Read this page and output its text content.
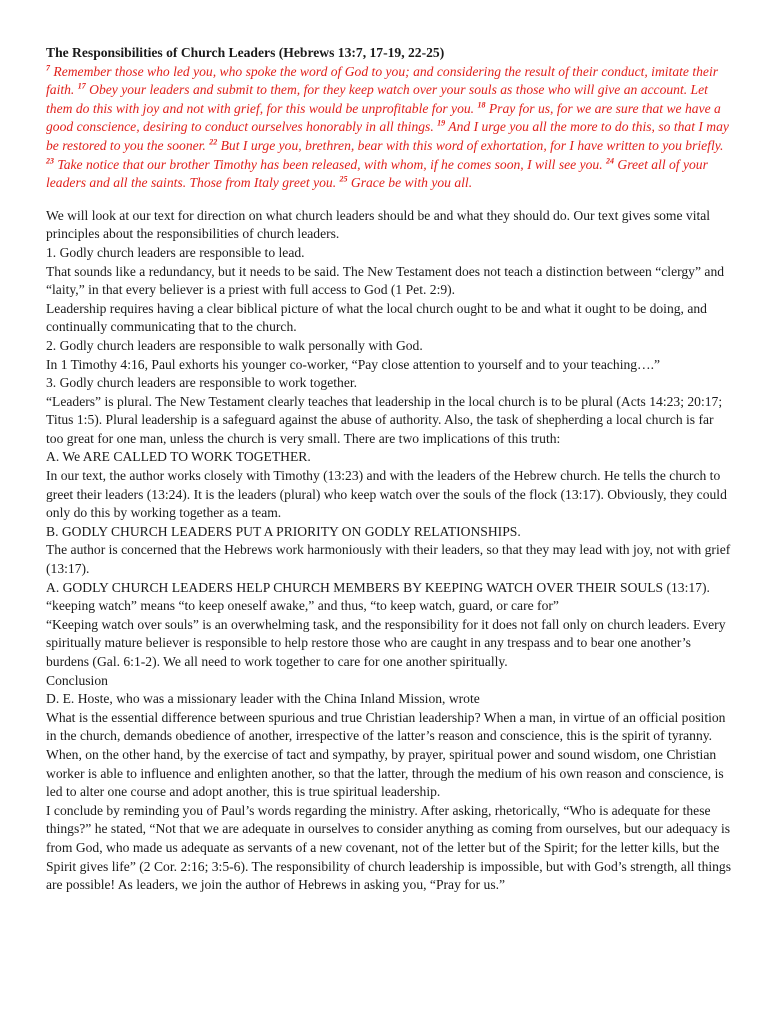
The Responsibilities of Church Leaders (Hebrews 13:7, 17-19, 22-25)

$^7$ Remember those who led you, who spoke the word of God to you; and considering the result of their conduct, imitate their faith. $^{17}$ Obey your leaders and submit to them, for they keep watch over your souls as those who will give an account. Let them do this with joy and not with grief, for this would be unprofitable for you. $^{18}$ Pray for us, for we are sure that we have a good conscience, desiring to conduct ourselves honorably in all things. $^{19}$ And I urge you all the more to do this, so that I may be restored to you the sooner. $^{22}$ But I urge you, brethren, bear with this word of exhortation, for I have written to you briefly. $^{23}$ Take notice that our brother Timothy has been released, with whom, if he comes soon, I will see you. $^{24}$ Greet all of your leaders and all the saints. Those from Italy greet you. $^{25}$ Grace be with you all.

We will look at our text for direction on what church leaders should be and what they should do. Our text gives some vital principles about the responsibilities of church leaders.

1. Godly church leaders are responsible to lead.

That sounds like a redundancy, but it needs to be said. The New Testament does not teach a distinction between “clergy” and “laity,” in that every believer is a priest with full access to God (1 Pet. 2:9).

Leadership requires having a clear biblical picture of what the local church ought to be and what it ought to be doing, and continually communicating that to the church.

2. Godly church leaders are responsible to walk personally with God.

In 1 Timothy 4:16, Paul exhorts his younger co-worker, “Pay close attention to yourself and to your teaching….”

3. Godly church leaders are responsible to work together.

“Leaders” is plural. The New Testament clearly teaches that leadership in the local church is to be plural (Acts 14:23; 20:17; Titus 1:5). Plural leadership is a safeguard against the abuse of authority. Also, the task of shepherding a local church is far too great for one man, unless the church is very small. There are two implications of this truth:

A. We ARE CALLED TO WORK TOGETHER.

In our text, the author works closely with Timothy (13:23) and with the leaders of the Hebrew church. He tells the church to greet their leaders (13:24). It is the leaders (plural) who keep watch over the souls of the flock (13:17). Obviously, they could only do this by working together as a team.

B. GODLY CHURCH LEADERS PUT A PRIORITY ON GODLY RELATIONSHIPS.

The author is concerned that the Hebrews work harmoniously with their leaders, so that they may lead with joy, not with grief (13:17).

A. GODLY CHURCH LEADERS HELP CHURCH MEMBERS BY KEEPING WATCH OVER THEIR SOULS (13:17).

“keeping watch” means “to keep oneself awake,” and thus, “to keep watch, guard, or care for”

“Keeping watch over souls” is an overwhelming task, and the responsibility for it does not fall only on church leaders. Every spiritually mature believer is responsible to help restore those who are caught in any trespass and to bear one another’s burdens (Gal. 6:1-2). We all need to work together to care for one another spiritually.

Conclusion

D. E. Hoste, who was a missionary leader with the China Inland Mission, wrote

What is the essential difference between spurious and true Christian leadership? When a man, in virtue of an official position in the church, demands obedience of another, irrespective of the latter’s reason and conscience, this is the spirit of tyranny.

When, on the other hand, by the exercise of tact and sympathy, by prayer, spiritual power and sound wisdom, one Christian worker is able to influence and enlighten another, so that the latter, through the medium of his own reason and conscience, is led to alter one course and adopt another, this is true spiritual leadership.

I conclude by reminding you of Paul’s words regarding the ministry. After asking, rhetorically, “Who is adequate for these things?” he stated, “Not that we are adequate in ourselves to consider anything as coming from ourselves, but our adequacy is from God, who made us adequate as servants of a new covenant, not of the letter but of the Spirit; for the letter kills, but the Spirit gives life” (2 Cor. 2:16; 3:5-6). The responsibility of church leadership is impossible, but with God’s strength, all things are possible! As leaders, we join the author of Hebrews in asking you, “Pray for us.”
